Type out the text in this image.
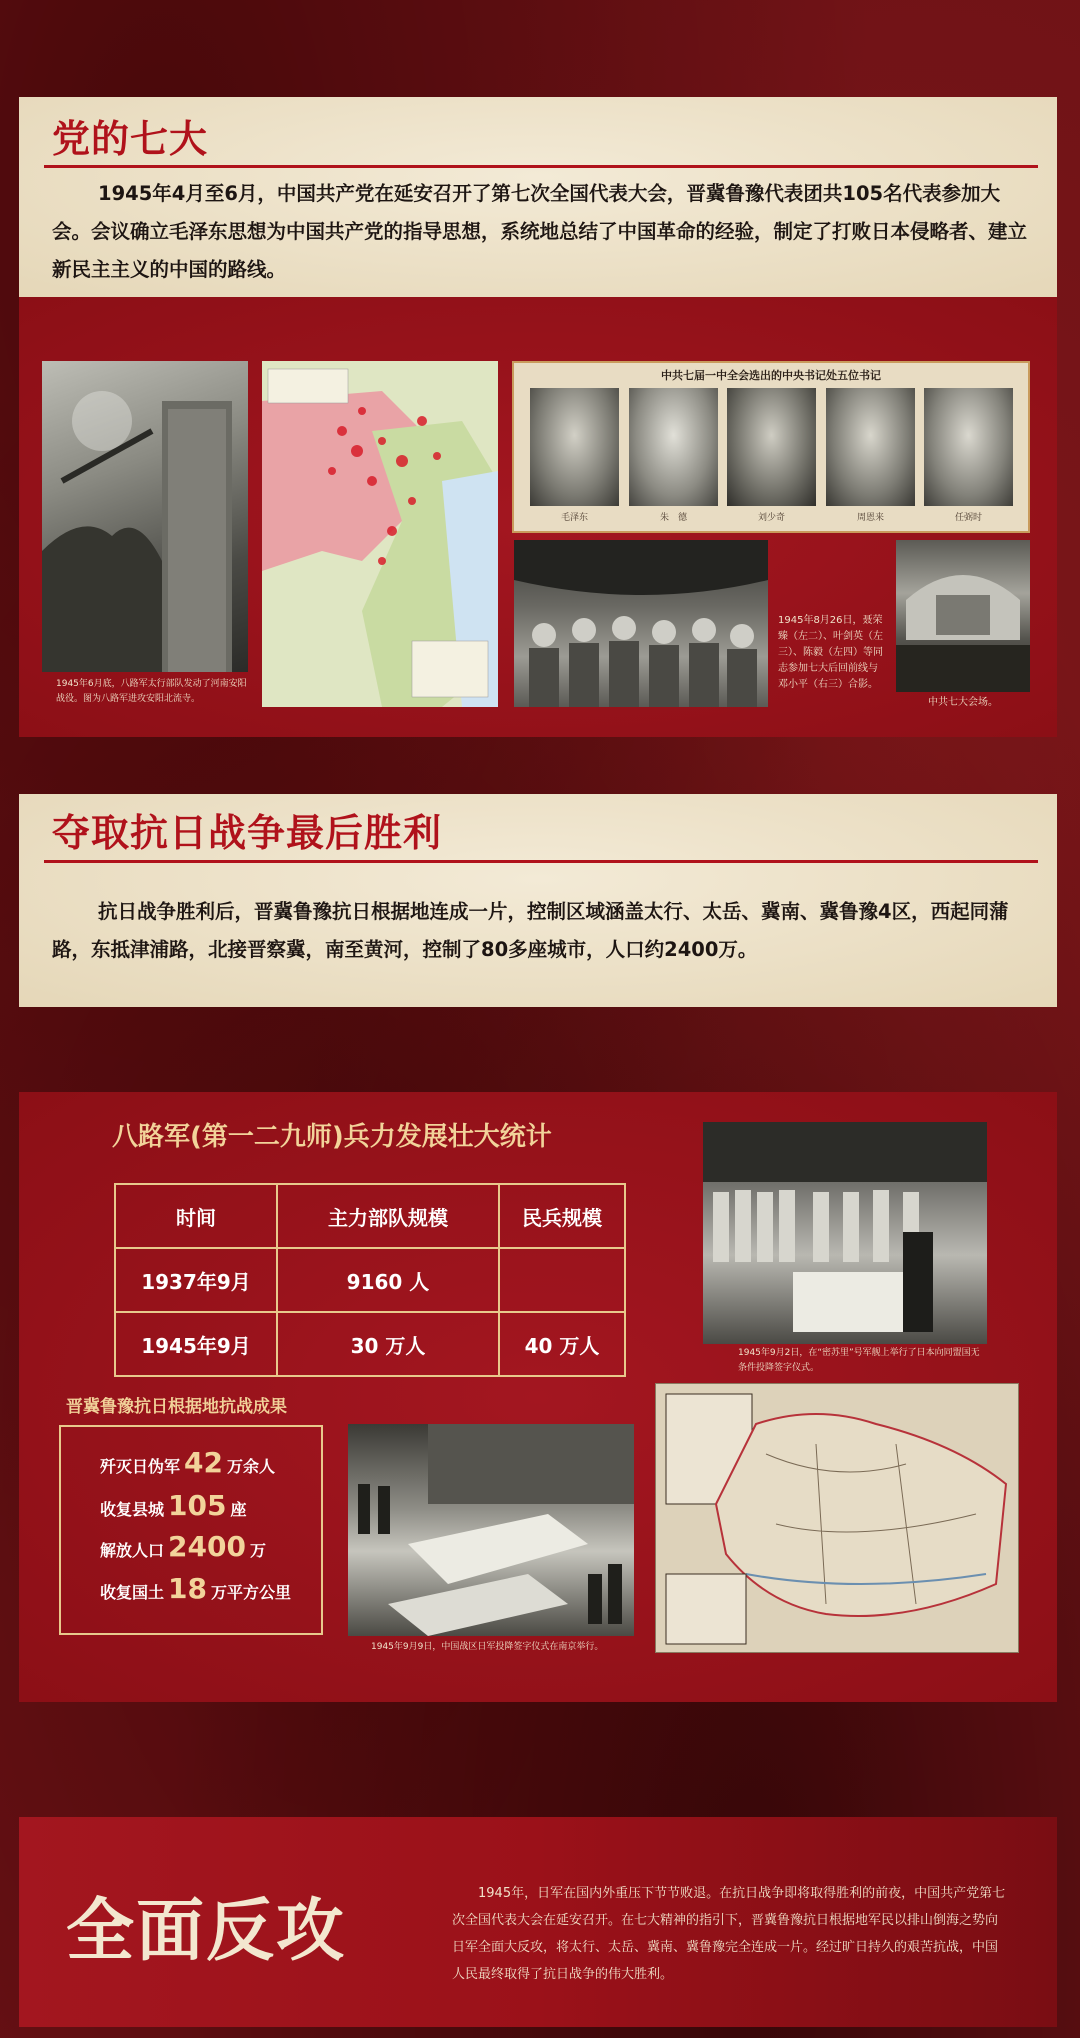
党的七大
1945年4月至6月，中国共产党在延安召开了第七次全国代表大会，晋冀鲁豫代表团共105名代表参加大会。会议确立毛泽东思想为中国共产党的指导思想，系统地总结了中国革命的经验，制定了打败日本侵略者、建立新民主主义的中国的路线。
1945年6月底，八路军太行部队发动了河南安阳战役。图为八路军进攻安阳北流寺。
中共七届一中全会选出的中央书记处五位书记
毛泽东	朱　德	刘少奇	周恩来	任弼时
1945年8月26日，聂荣臻（左二）、叶剑英（左三）、陈毅（左四）等同志参加七大后回前线与邓小平（右三）合影。
中共七大会场。
夺取抗日战争最后胜利
抗日战争胜利后，晋冀鲁豫抗日根据地连成一片，控制区域涵盖太行、太岳、冀南、冀鲁豫4区，西起同蒲路，东抵津浦路，北接晋察冀，南至黄河，控制了80多座城市，人口约2400万。
八路军(第一二九师)兵力发展壮大统计
时间	主力部队规模	民兵规模
1937年9月	9160 人	
1945年9月	30 万人	40 万人	1945年9月2日，在“密苏里”号军舰上举行了日本向同盟国无条件投降签字仪式。
晋冀鲁豫抗日根据地抗战成果
歼灭日伪军 42 万余人
收复县城 105 座
解放人口 2400 万
收复国土 18 万平方公里
1945年9月9日，中国战区日军投降签字仪式在南京举行。
全面反攻	1945年，日军在国内外重压下节节败退。在抗日战争即将取得胜利的前夜，中国共产党第七次全国代表大会在延安召开。在七大精神的指引下，晋冀鲁豫抗日根据地军民以排山倒海之势向日军全面大反攻，将太行、太岳、冀南、冀鲁豫完全连成一片。经过旷日持久的艰苦抗战，中国人民最终取得了抗日战争的伟大胜利。
